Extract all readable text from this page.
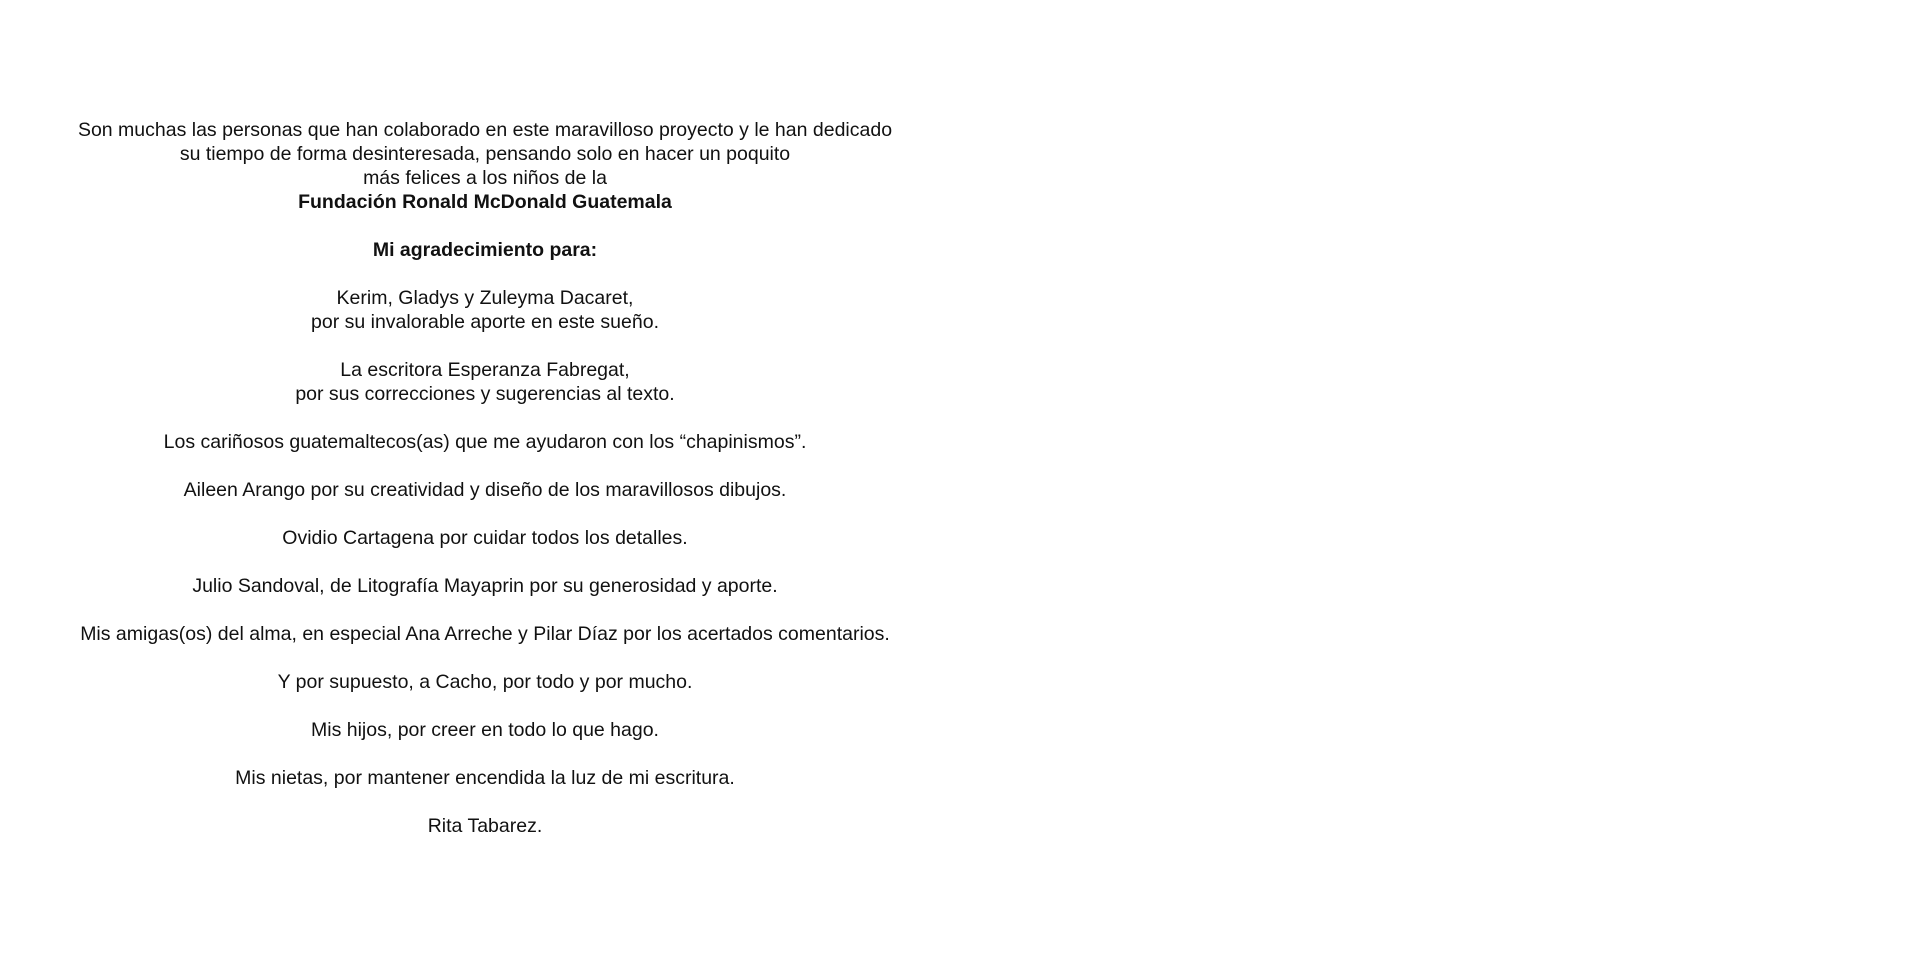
Son muchas las personas que han colaborado en este maravilloso proyecto y le han dedicado
su tiempo de forma desinteresada, pensando solo en hacer un poquito
más felices a los niños de la
Fundación Ronald McDonald Guatemala
Mi agradecimiento para:
Kerim, Gladys y Zuleyma Dacaret,
por su invalorable aporte en este sueño.
La escritora Esperanza Fabregat,
por sus correcciones y sugerencias al texto.
Los cariñosos guatemaltecos(as) que me ayudaron con los “chapinismos”.
Aileen Arango por su creatividad y diseño de los maravillosos dibujos.
Ovidio Cartagena por cuidar todos los detalles.
Julio Sandoval, de Litografía Mayaprin por su generosidad y aporte.
Mis amigas(os) del alma, en especial Ana Arreche y Pilar Díaz por los acertados comentarios.
Y por supuesto, a Cacho, por todo y por mucho.
Mis hijos, por creer en todo lo que hago.
Mis nietas, por mantener encendida la luz de mi escritura.
Rita Tabarez.
